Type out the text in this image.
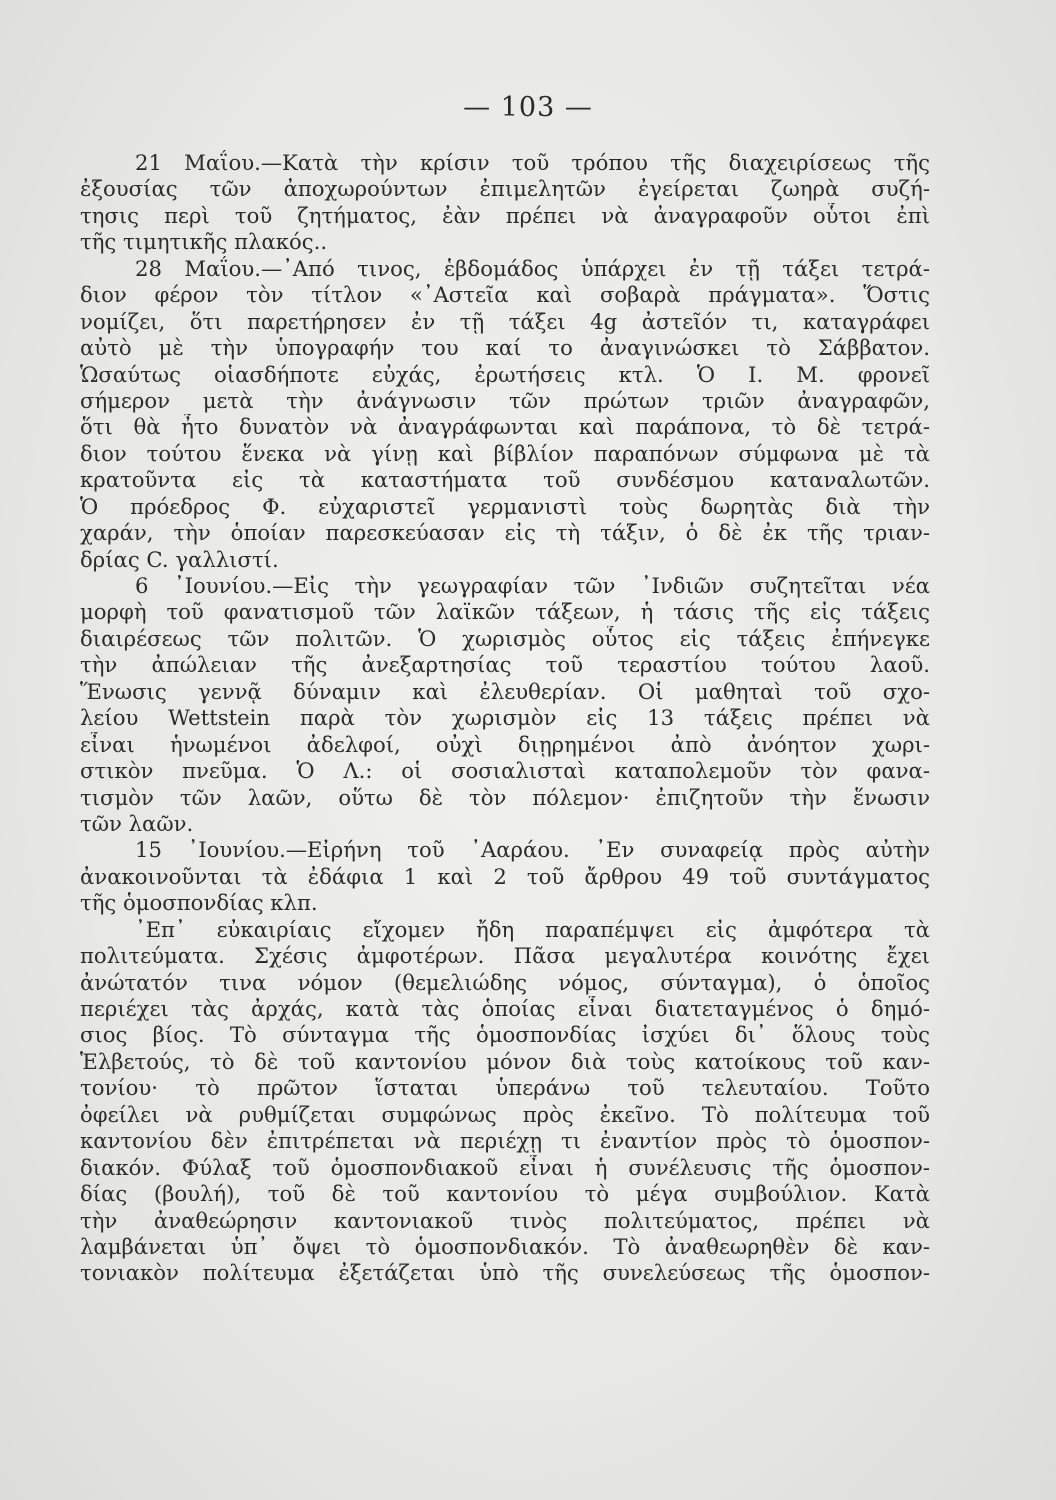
— 103 —
21 Μαΐου.—Κατὰ τὴν κρίσιν τοῦ τρόπου τῆς διαχειρίσεως τῆς
ἐξουσίας τῶν ἀποχωρούντων ἐπιμελητῶν ἐγείρεται ζωηρὰ συζή-
τησις περὶ τοῦ ζητήματος, ἐὰν πρέπει νὰ ἀναγραφοῦν οὗτοι ἐπὶ
τῆς τιμητικῆς πλακός..
28 Μαΐου.—᾿Από τινος, ἑβδομάδος ὑπάρχει ἐν τῇ τάξει τετρά-
διον φέρον τὸν τίτλον «᾿Αστεῖα καὶ σοβαρὰ πράγματα». Ὅστις
νομίζει, ὅτι παρετήρησεν ἐν τῇ τάξει 4g ἀστεῖόν τι, καταγράφει
αὐτὸ μὲ τὴν ὑπογραφήν του καί το ἀναγινώσκει τὸ Σάββατον.
Ὡσαύτως οἱασδήποτε εὐχάς, ἐρωτήσεις κτλ. Ὁ Ι. Μ. φρονεῖ
σήμερον μετὰ τὴν ἀνάγνωσιν τῶν πρώτων τριῶν ἀναγραφῶν,
ὅτι θὰ ἦτο δυνατὸν νὰ ἀναγράφωνται καὶ παράπονα, τὸ δὲ τετρά-
διον τούτου ἕνεκα νὰ γίνῃ καὶ βίβλίον παραπόνων σύμφωνα μὲ τὰ
κρατοῦντα εἰς τὰ καταστήματα τοῦ συνδέσμου καταναλωτῶν.
Ὁ πρόεδρος Φ. εὐχαριστεῖ γερμανιστὶ τοὺς δωρητὰς διὰ τὴν
χαράν, τὴν ὁποίαν παρεσκεύασαν εἰς τὴ τάξιν, ὁ δὲ ἐκ τῆς τριαν-
δρίας C. γαλλιστί.
6 ᾿Ιουνίου.—Εἰς τὴν γεωγραφίαν τῶν ᾿Ινδιῶν συζητεῖται νέα
μορφὴ τοῦ φανατισμοῦ τῶν λαϊκῶν τάξεων, ἡ τάσις τῆς εἰς τάξεις
διαιρέσεως τῶν πολιτῶν. Ὁ χωρισμὸς οὗτος εἰς τάξεις ἐπήνεγκε
τὴν ἀπώλειαν τῆς ἀνεξαρτησίας τοῦ τεραστίου τούτου λαοῦ.
Ἕνωσις γεννᾷ δύναμιν καὶ ἐλευθερίαν. Οἱ μαθηταὶ τοῦ σχο-
λείου Wettstein παρὰ τὸν χωρισμὸν εἰς 13 τάξεις πρέπει νὰ
εἶναι ἡνωμένοι ἀδελφοί, οὐχὶ διῃρημένοι ἀπὸ ἀνόητον χωρι-
στικὸν πνεῦμα. Ὁ Λ.: οἱ σοσιαλισταὶ καταπολεμοῦν τὸν φανα-
τισμὸν τῶν λαῶν, οὕτω δὲ τὸν πόλεμον· ἐπιζητοῦν τὴν ἕνωσιν
τῶν λαῶν.
15 ᾿Ιουνίου.—Εἰρήνη τοῦ ᾿Ααράου. ᾿Εν συναφείᾳ πρὸς αὐτὴν
ἀνακοινοῦνται τὰ ἐδάφια 1 καὶ 2 τοῦ ἄρθρου 49 τοῦ συντάγματος
τῆς ὁμοσπονδίας κλπ.
᾿Επ᾿ εὐκαιρίαις εἴχομεν ἤδη παραπέμψει εἰς ἀμφότερα τὰ
πολιτεύματα. Σχέσις ἀμφοτέρων. Πᾶσα μεγαλυτέρα κοινότης ἔχει
ἀνώτατόν τινα νόμον (θεμελιώδης νόμος, σύνταγμα), ὁ ὁποῖος
περιέχει τὰς ἀρχάς, κατὰ τὰς ὁποίας εἶναι διατεταγμένος ὁ δημό-
σιος βίος. Τὸ σύνταγμα τῆς ὁμοσπονδίας ἰσχύει δι᾿ ὅλους τοὺς
Ἑλβετούς, τὸ δὲ τοῦ καντονίου μόνον διὰ τοὺς κατοίκους τοῦ καν-
τονίου· τὸ πρῶτον ἵσταται ὑπεράνω τοῦ τελευταίου. Τοῦτο
ὀφείλει νὰ ρυθμίζεται συμφώνως πρὸς ἐκεῖνο. Τὸ πολίτευμα τοῦ
καντονίου δὲν ἐπιτρέπεται νὰ περιέχῃ τι ἐναντίον πρὸς τὸ ὁμοσπον-
διακόν. Φύλαξ τοῦ ὁμοσπονδιακοῦ εἶναι ἡ συνέλευσις τῆς ὁμοσπον-
δίας (βουλή), τοῦ δὲ τοῦ καντονίου τὸ μέγα συμβούλιον. Κατὰ
τὴν ἀναθεώρησιν καντονιακοῦ τινὸς πολιτεύματος, πρέπει νὰ
λαμβάνεται ὑπ᾿ ὄψει τὸ ὁμοσπονδιακόν. Τὸ ἀναθεωρηθὲν δὲ καν-
τονιακὸν πολίτευμα ἐξετάζεται ὑπὸ τῆς συνελεύσεως τῆς ὁμοσπον-
